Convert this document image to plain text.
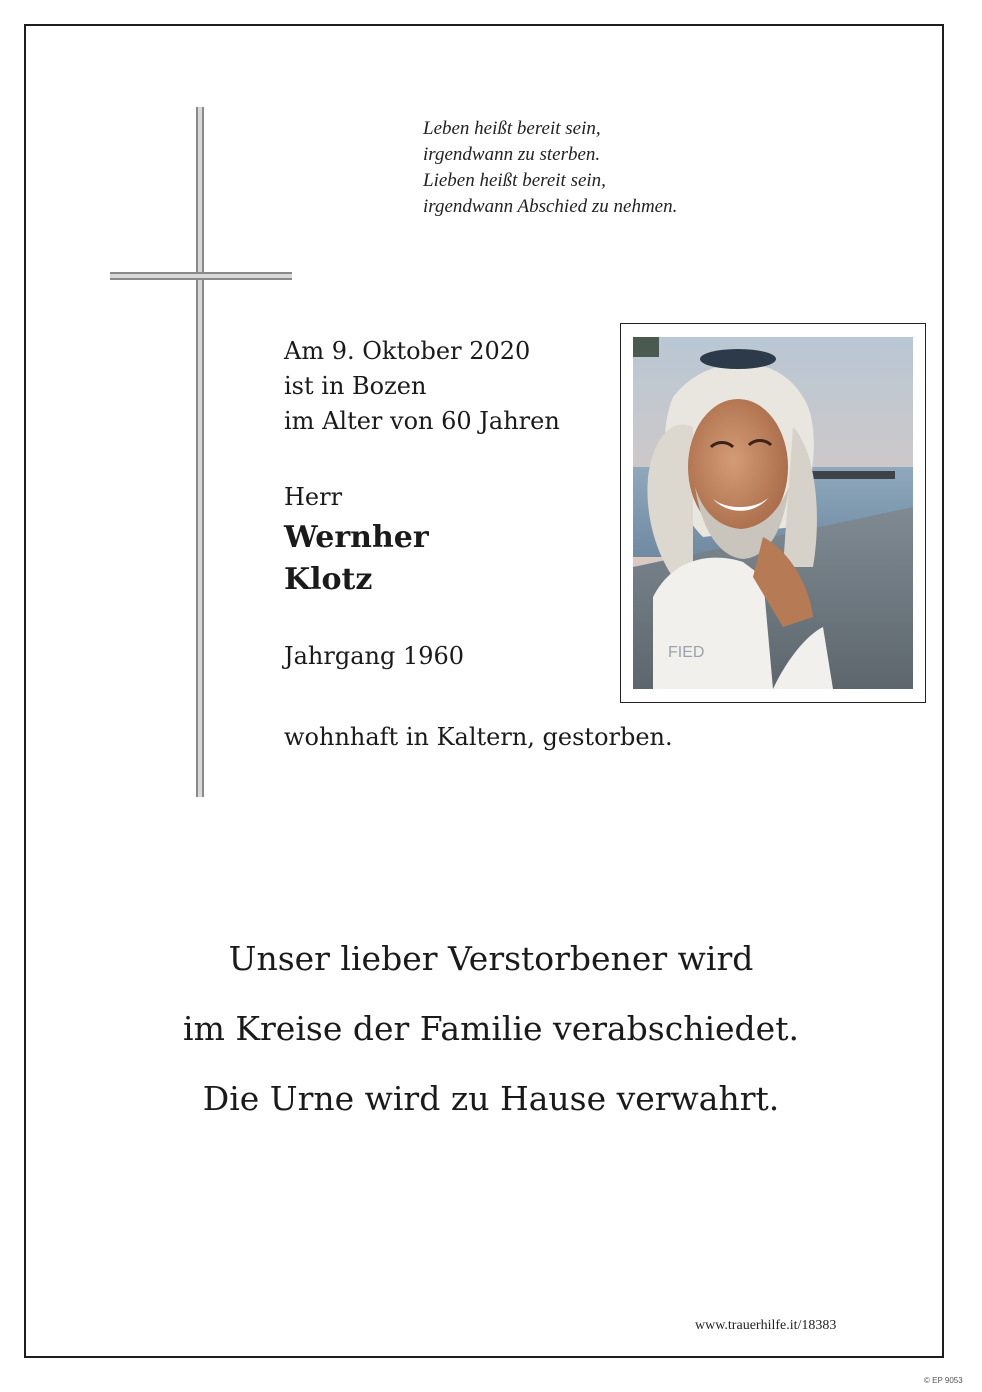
Leben heißt bereit sein,
irgendwann zu sterben.
Lieben heißt bereit sein,
irgendwann Abschied zu nehmen.
Am 9. Oktober 2020
ist in Bozen
im Alter von 60 Jahren
Herr
Wernher
Klotz
Jahrgang 1960
wohnhaft in Kaltern, gestorben.
FIED
Unser lieber Verstorbener wird
im Kreise der Familie verabschiedet.
Die Urne wird zu Hause verwahrt.
www.trauerhilfe.it/18383
© EP 9053
